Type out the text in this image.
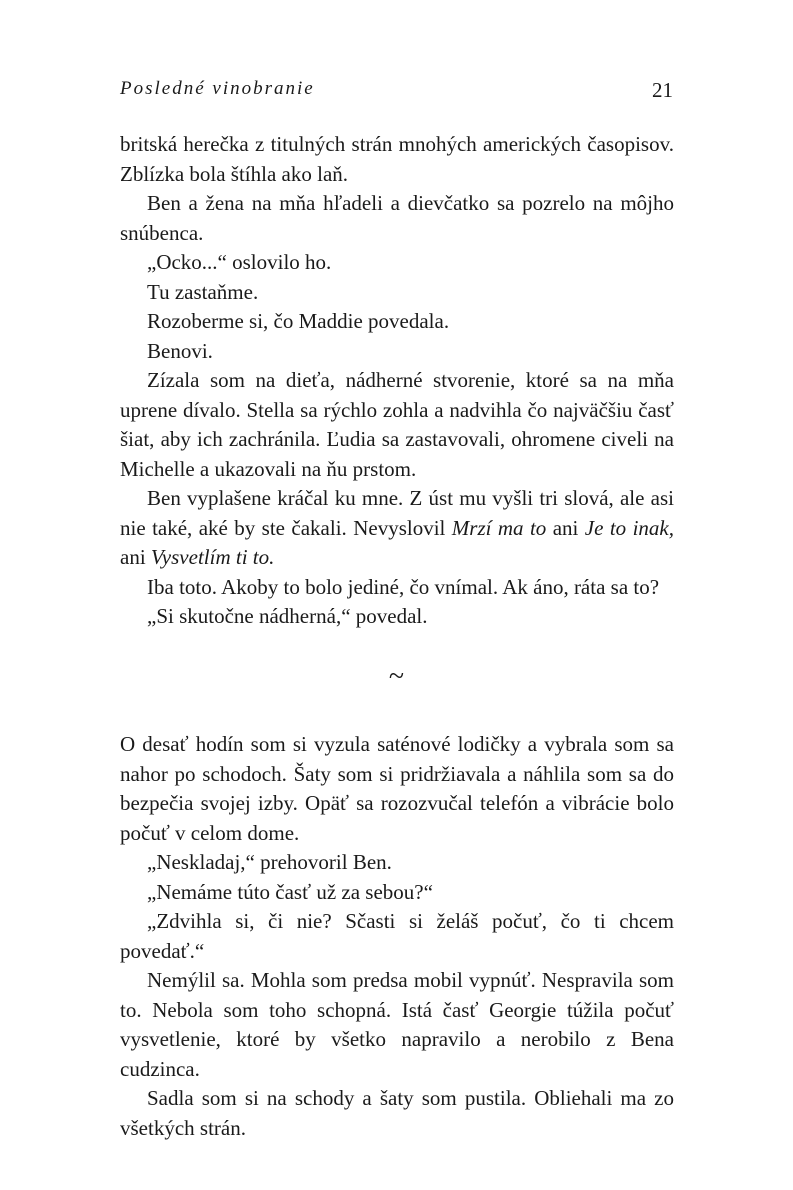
Posledné vinobranie	21

britská herečka z titulných strán mnohých amerických časopisov. Zblízka bola štíhla ako laň.

Ben a žena na mňa hľadeli a dievčatko sa pozrelo na môjho snúbenca.

„Ocko...“ oslovilo ho.

Tu zastaňme.

Rozoberme si, čo Maddie povedala.

Benovi.

Zízala som na dieťa, nádherné stvorenie, ktoré sa na mňa uprene dívalo. Stella sa rýchlo zohla a nadvihla čo najväčšiu časť šiat, aby ich zachránila. Ľudia sa zastavovali, ohromene civeli na Michelle a ukazovali na ňu prstom.

Ben vyplašene kráčal ku mne. Z úst mu vyšli tri slová, ale asi nie také, aké by ste čakali. Nevyslovil Mrzí ma to ani Je to inak, ani Vysvetlím ti to.

Iba toto. Akoby to bolo jediné, čo vnímal. Ak áno, ráta sa to?

„Si skutočne nádherná,“ povedal.

~

O desať hodín som si vyzula saténové lodičky a vybrala som sa nahor po schodoch. Šaty som si pridržiavala a náhlila som sa do bezpečia svojej izby. Opäť sa rozozvučal telefón a vibrácie bolo počuť v celom dome.

„Neskladaj,“ prehovoril Ben.

„Nemáme túto časť už za sebou?“

„Zdvihla si, či nie? Sčasti si želáš počuť, čo ti chcem povedať.“

Nemýlil sa. Mohla som predsa mobil vypnúť. Nespravila som to. Nebola som toho schopná. Istá časť Georgie túžila počuť vysvetlenie, ktoré by všetko napravilo a nerobilo z Bena cudzinca.

Sadla som si na schody a šaty som pustila. Obliehali ma zo všetkých strán.
